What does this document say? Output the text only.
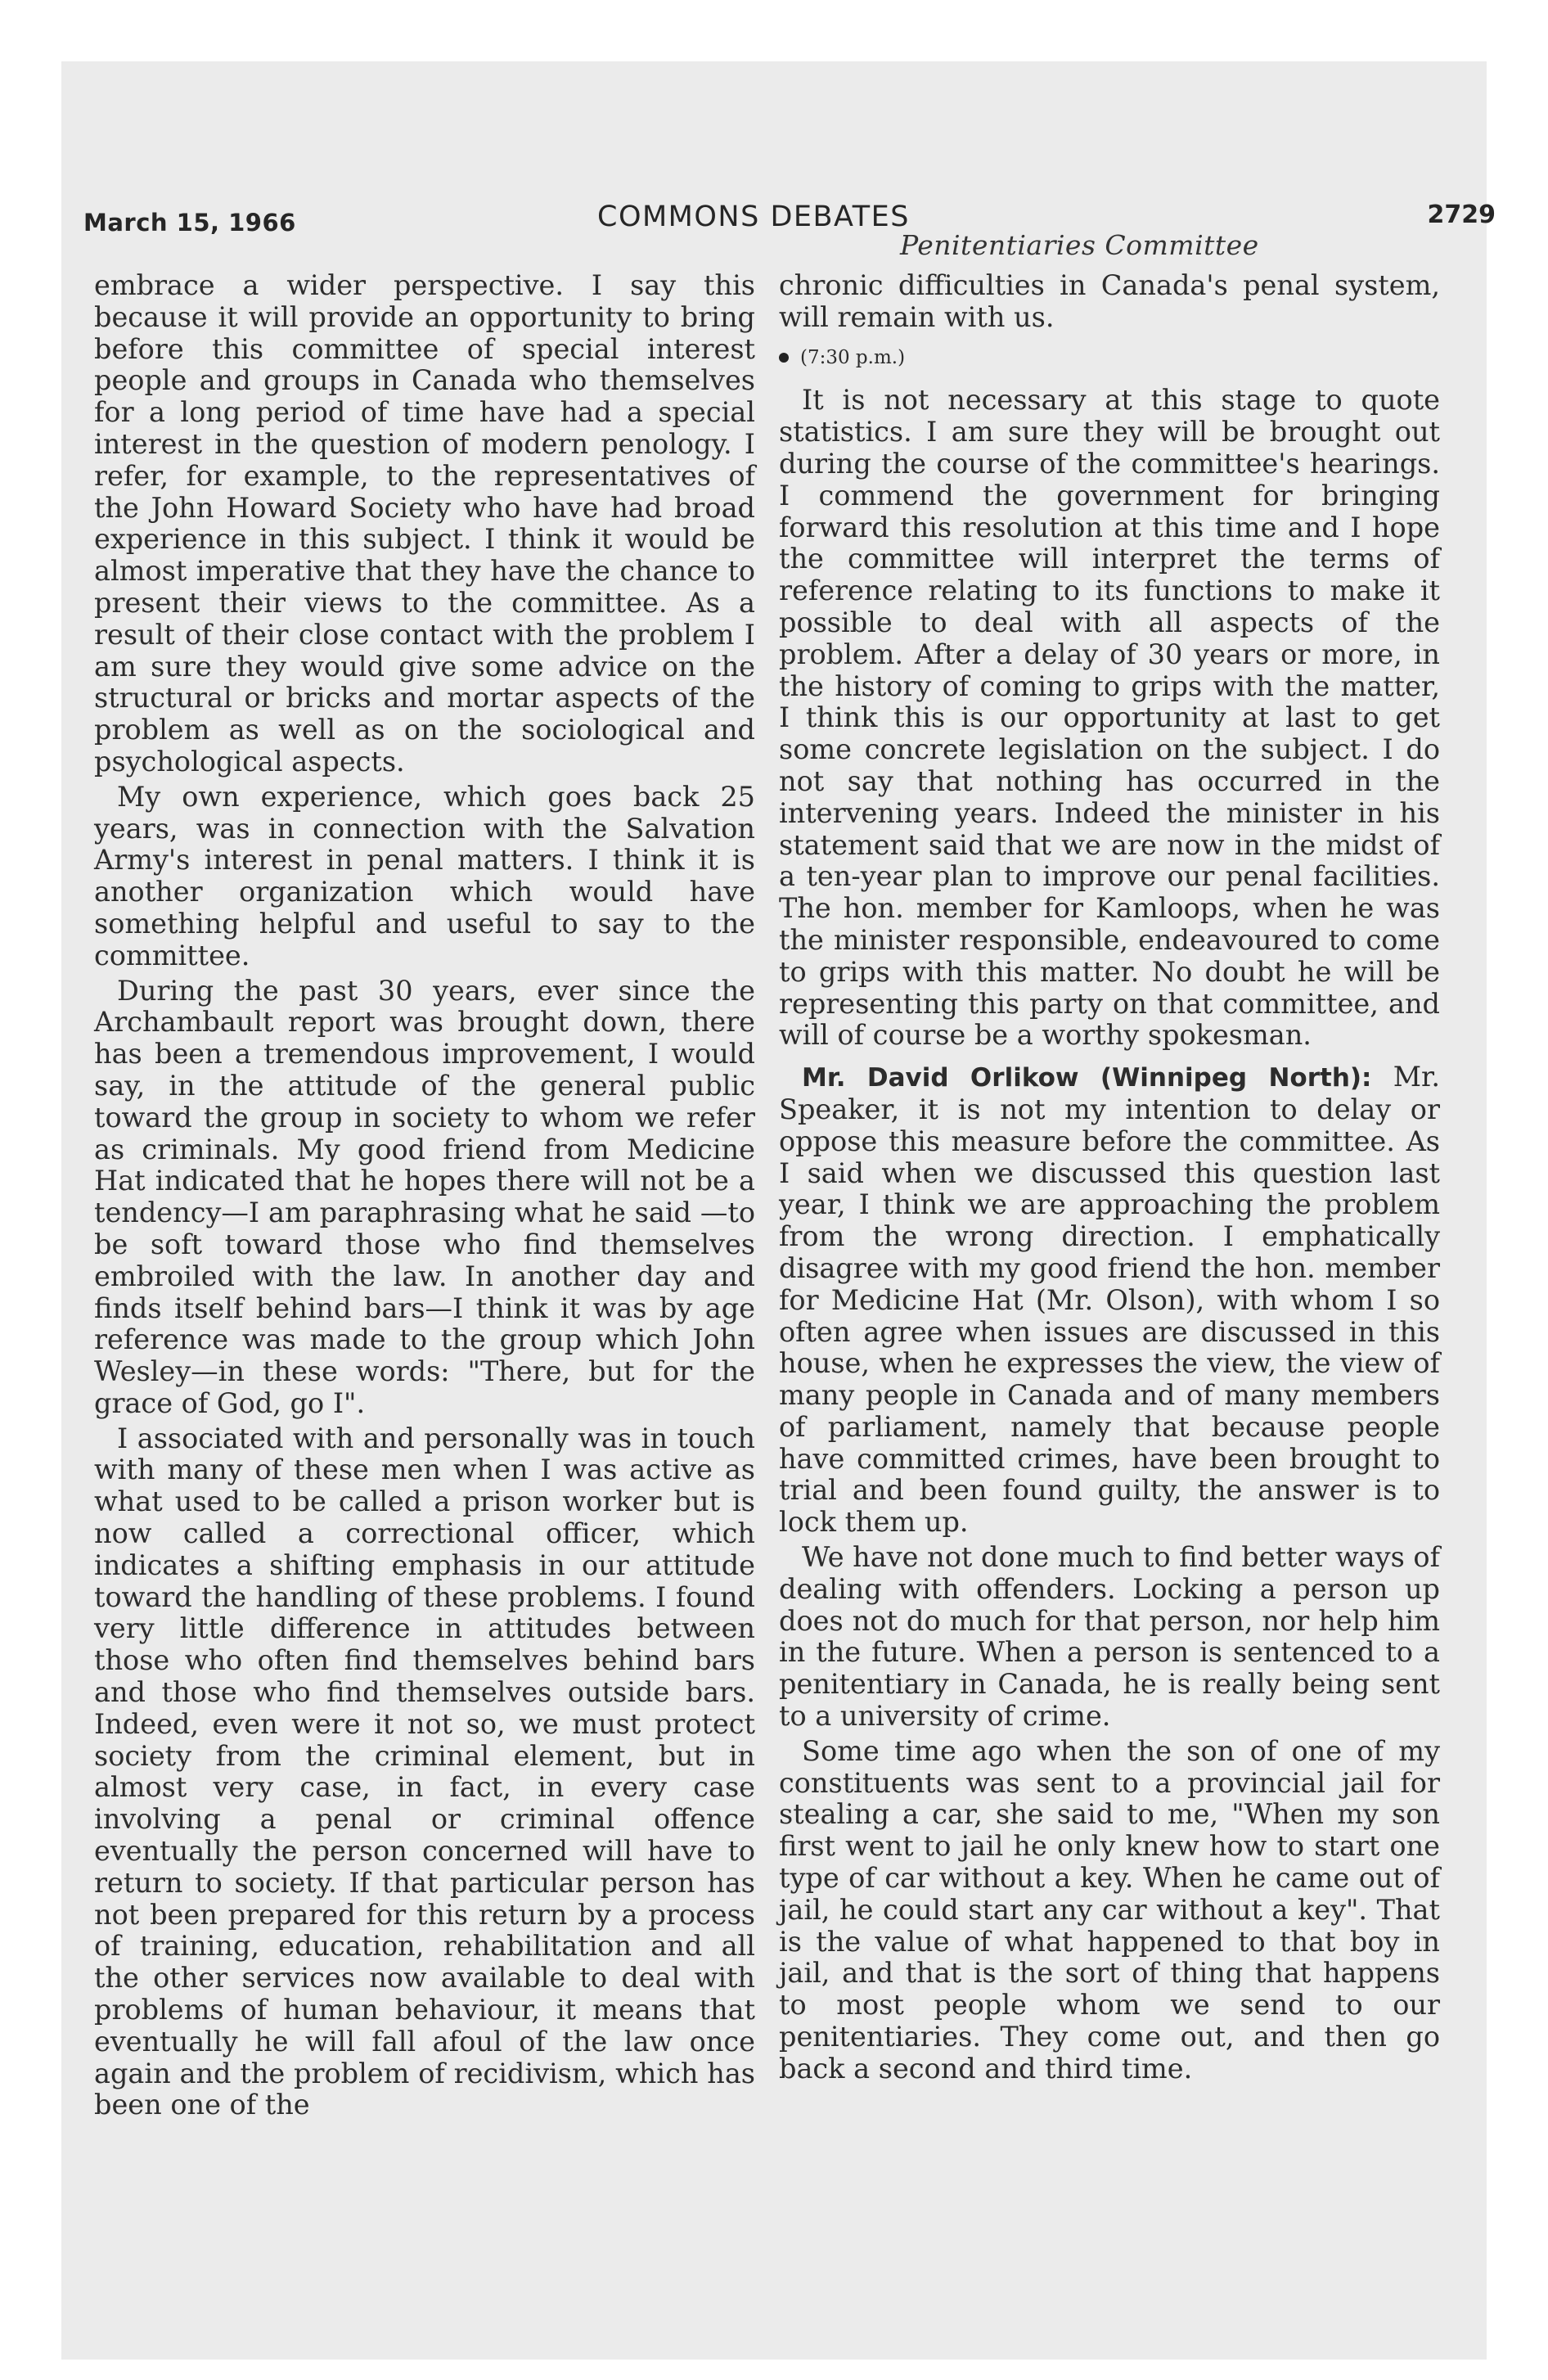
March 15, 1966	COMMONS DEBATES	2729
Penitentiaries Committee

embrace a wider perspective. I say this because it will provide an opportunity to bring before this committee of special interest people and groups in Canada who themselves for a long period of time have had a special interest in the question of modern penology. I refer, for example, to the representatives of the John Howard Society who have had broad experience in this subject. I think it would be almost imperative that they have the chance to present their views to the committee. As a result of their close contact with the problem I am sure they would give some advice on the structural or bricks and mortar aspects of the problem as well as on the sociological and psychological aspects.

My own experience, which goes back 25 years, was in connection with the Salvation Army's interest in penal matters. I think it is another organization which would have something helpful and useful to say to the committee.

During the past 30 years, ever since the Archambault report was brought down, there has been a tremendous improvement, I would say, in the attitude of the general public toward the group in society to whom we refer as criminals. My good friend from Medicine Hat indicated that he hopes there will not be a tendency—I am paraphrasing what he said —to be soft toward those who find themselves embroiled with the law. In another day and finds itself behind bars—I think it was by age reference was made to the group which John Wesley—in these words: "There, but for the grace of God, go I".

I associated with and personally was in touch with many of these men when I was active as what used to be called a prison worker but is now called a correctional officer, which indicates a shifting emphasis in our attitude toward the handling of these problems. I found very little difference in attitudes between those who often find themselves behind bars and those who find themselves outside bars. Indeed, even were it not so, we must protect society from the criminal element, but in almost very case, in fact, in every case involving a penal or criminal offence eventually the person concerned will have to return to society. If that particular person has not been prepared for this return by a process of training, education, rehabilitation and all the other services now available to deal with problems of human behaviour, it means that eventually he will fall afoul of the law once again and the problem of recidivism, which has been one of the

chronic difficulties in Canada's penal system, will remain with us.

(7:30 p.m.)

It is not necessary at this stage to quote statistics. I am sure they will be brought out during the course of the committee's hearings. I commend the government for bringing forward this resolution at this time and I hope the committee will interpret the terms of reference relating to its functions to make it possible to deal with all aspects of the problem. After a delay of 30 years or more, in the history of coming to grips with the matter, I think this is our opportunity at last to get some concrete legislation on the subject. I do not say that nothing has occurred in the intervening years. Indeed the minister in his statement said that we are now in the midst of a ten-year plan to improve our penal facilities. The hon. member for Kamloops, when he was the minister responsible, endeavoured to come to grips with this matter. No doubt he will be representing this party on that committee, and will of course be a worthy spokesman.

Mr. David Orlikow (Winnipeg North): Mr. Speaker, it is not my intention to delay or oppose this measure before the committee. As I said when we discussed this question last year, I think we are approaching the problem from the wrong direction. I emphatically disagree with my good friend the hon. member for Medicine Hat (Mr. Olson), with whom I so often agree when issues are discussed in this house, when he expresses the view, the view of many people in Canada and of many members of parliament, namely that because people have committed crimes, have been brought to trial and been found guilty, the answer is to lock them up.

We have not done much to find better ways of dealing with offenders. Locking a person up does not do much for that person, nor help him in the future. When a person is sentenced to a penitentiary in Canada, he is really being sent to a university of crime.

Some time ago when the son of one of my constituents was sent to a provincial jail for stealing a car, she said to me, "When my son first went to jail he only knew how to start one type of car without a key. When he came out of jail, he could start any car without a key". That is the value of what happened to that boy in jail, and that is the sort of thing that happens to most people whom we send to our penitentiaries. They come out, and then go back a second and third time.
